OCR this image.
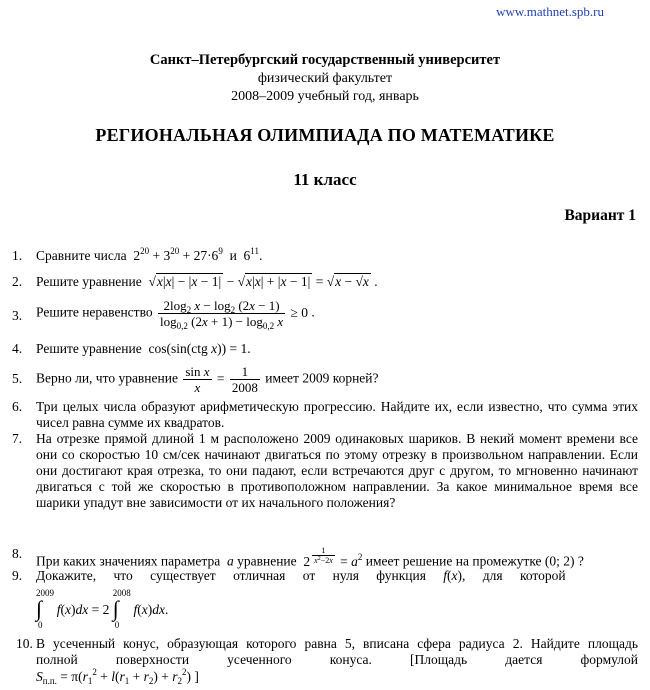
www.mathnet.spb.ru
Санкт–Петербургский государственный университет
физический факультет
2008–2009 учебный год, январь
РЕГИОНАЛЬНАЯ ОЛИМПИАДА ПО МАТЕМАТИКЕ
11 класс
Вариант 1
1. Сравните числа  $2^{20} + 3^{20} + 27\cdot 6^9$  и  $6^{11}$.
2. Решите уравнение √x|x| − |x − 1| − √x|x| + |x − 1| = √x − √x .
3. Решите неравенство $\frac{2\log_2 x - \log_2 (2x - 1)}{\log_{0,2} (2x + 1) - \log_{0,2} x} \ge 0$ .
4. Решите уравнение  cos(sin(ctg x)) = 1.
5. Верно ли, что уравнение $\frac{\text{sin x}}{x} = \frac{1}{2008}$ имеет 2009 корней?
6. Три целых числа образуют арифметическую прогрессию. Найдите их, если известно, что сумма этих чисел равна сумме их квадратов.
7. На отрезке прямой длиной 1 м расположено 2009 одинаковых шариков. В некий момент времени все они со скоростью 10 см/сек начинают двигаться по этому отрезку в произвольном направлении. Если они достигают края отрезка, то они падают, если встречаются друг с другом, то мгновенно начинают двигаться с той же скоростью в противоположном направлении. За какое минимальное время все шарики упадут вне зависимости от их начального положения?
8.
При каких значениях параметра a уравнение  2 $^{\frac{1}{x^2-2x}} = a^2$ имеет решение на промежутке (0; 2) ?
9. Докажите, что существует отличная от нуля функция f(x), для которой
2009
∫
0
f(x)dx = 2
2008
∫
0
f(x)dx.
10. В усеченный конус, образующая которого равна 5, вписана сфера радиуса 2. Найдите площадь полной поверхности усеченного конуса.	[Площадь дается формулой
$S_{п.п.} = \pi(r_1^2 + l(r_1 + r_2) + r_2^2)$ ]
